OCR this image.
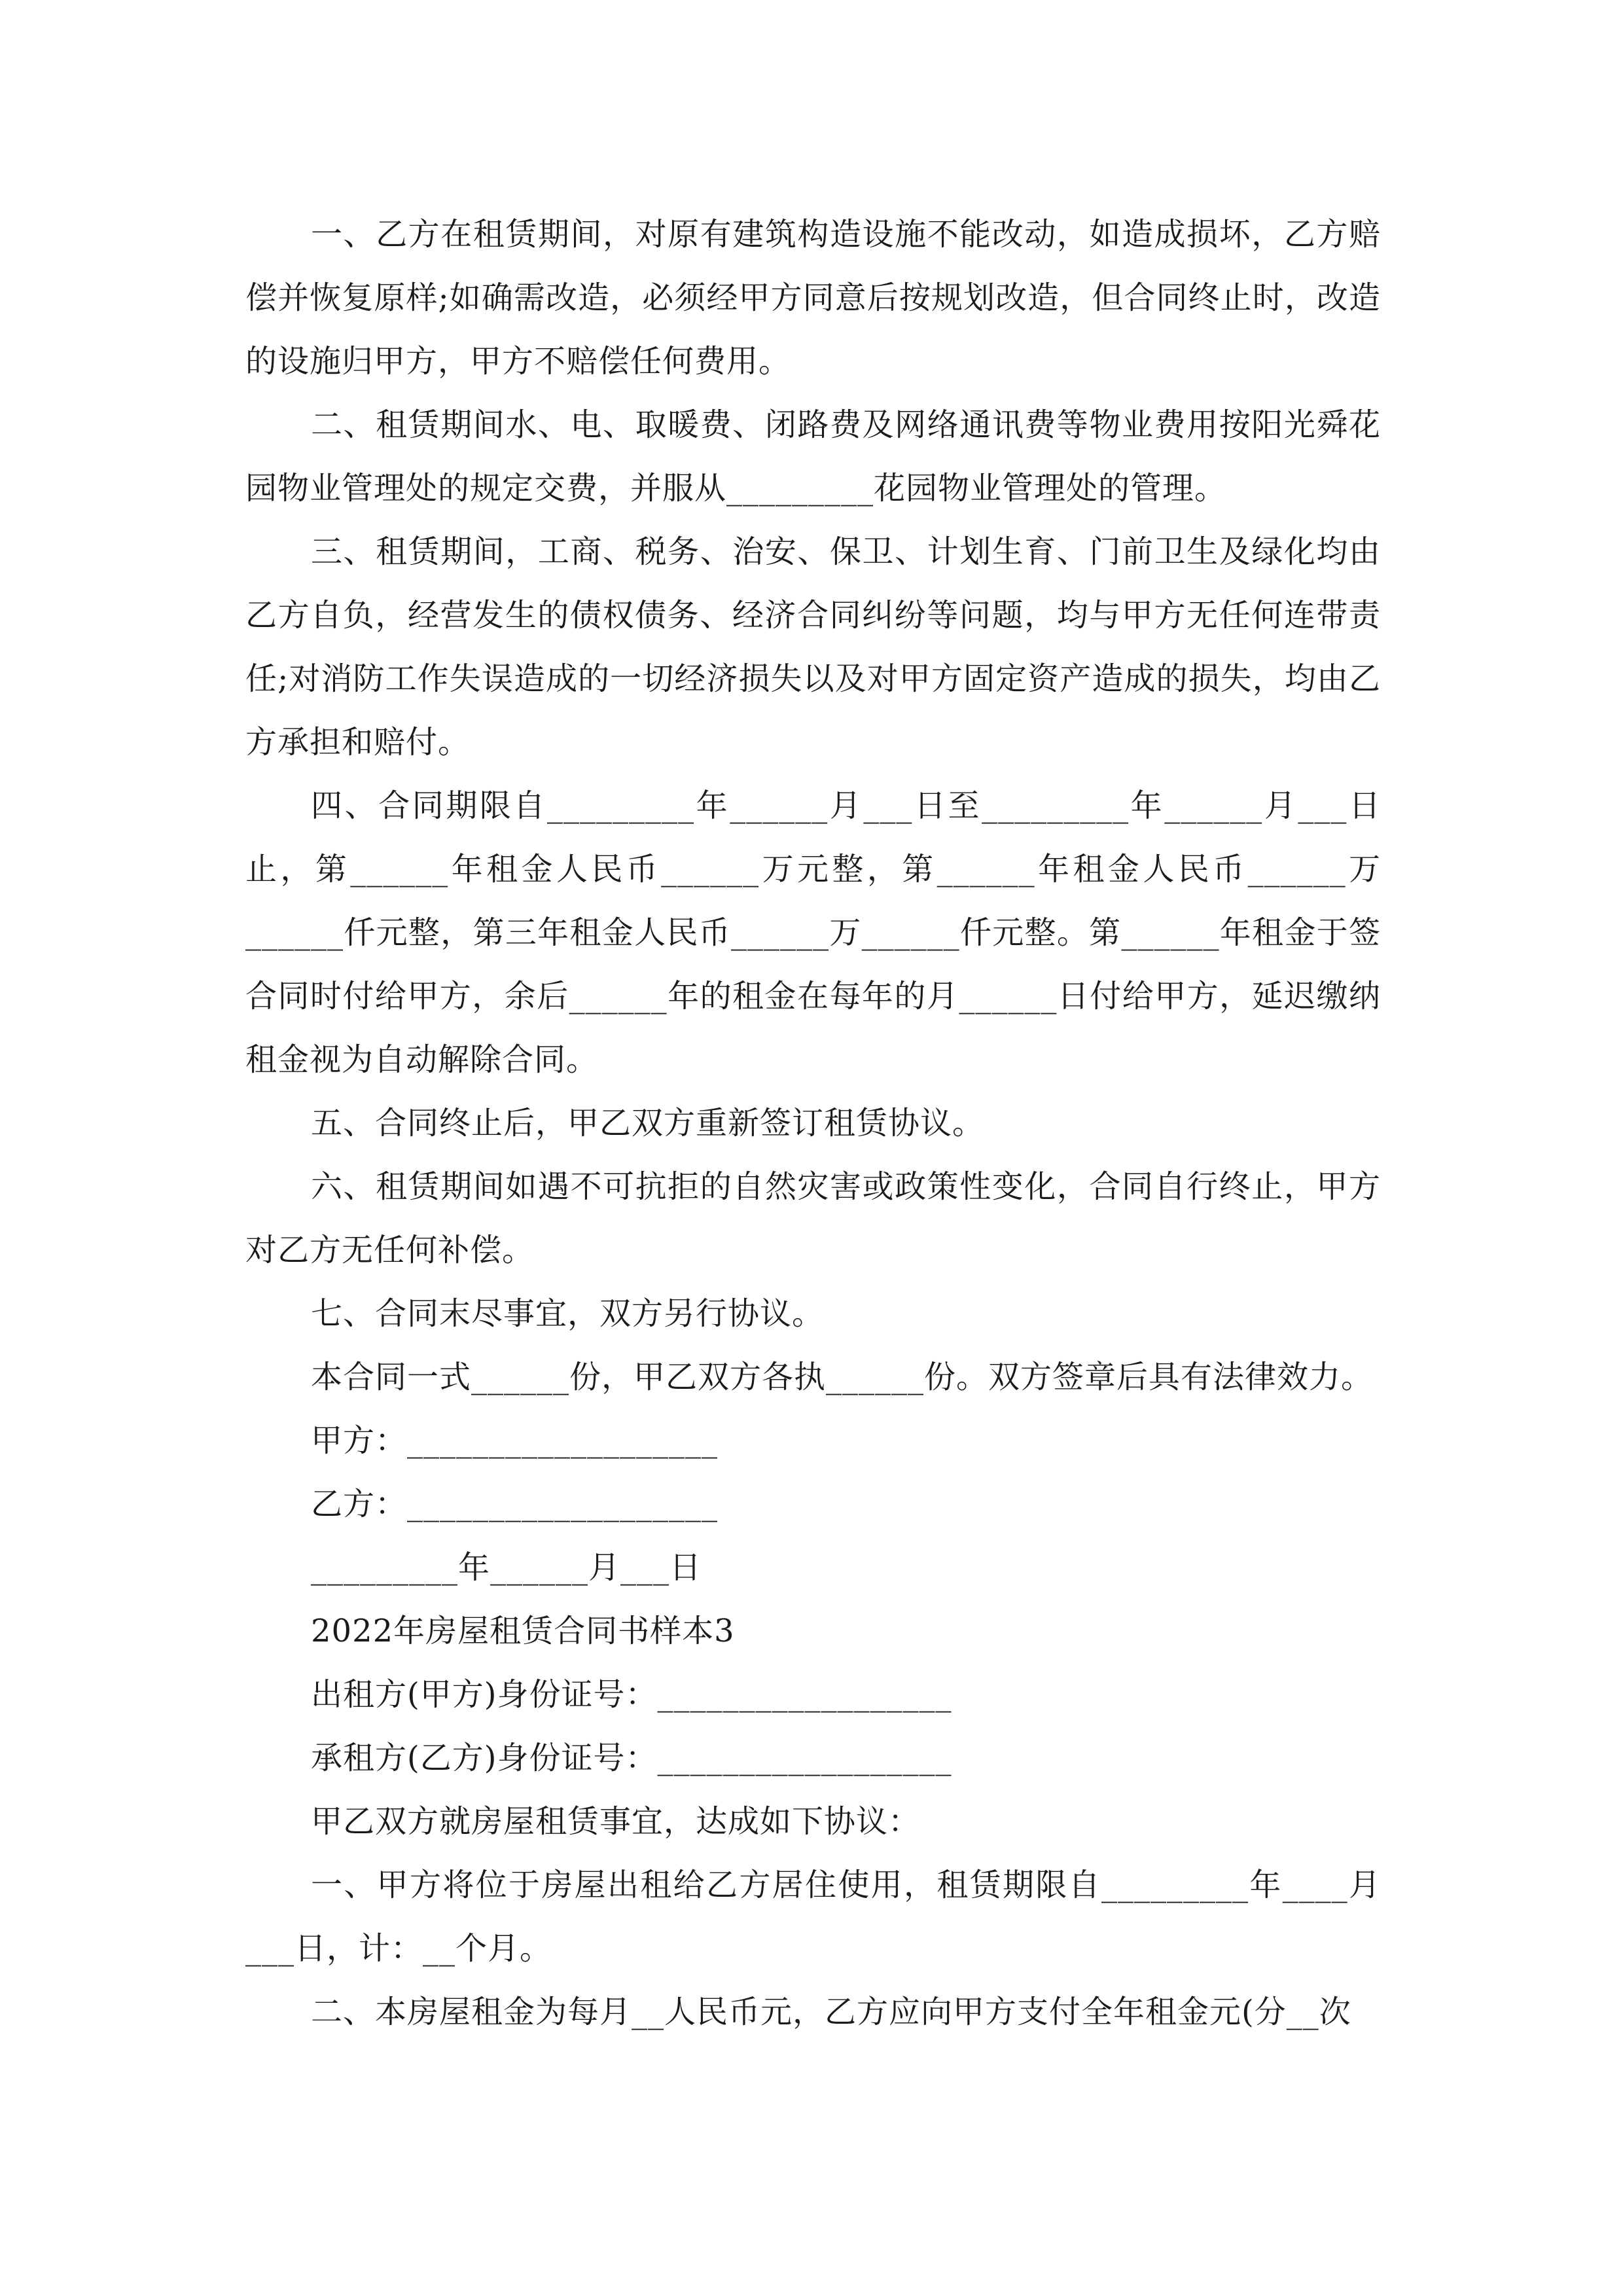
一、乙方在租赁期间，对原有建筑构造设施不能改动，如造成损坏，乙方赔偿并恢复原样;如确需改造，必须经甲方同意后按规划改造，但合同终止时，改造的设施归甲方，甲方不赔偿任何费用。

二、租赁期间水、电、取暖费、闭路费及网络通讯费等物业费用按阳光舜花园物业管理处的规定交费，并服从_________花园物业管理处的管理。

三、租赁期间，工商、税务、治安、保卫、计划生育、门前卫生及绿化均由乙方自负，经营发生的债权债务、经济合同纠纷等问题，均与甲方无任何连带责任;对消防工作失误造成的一切经济损失以及对甲方固定资产造成的损失，均由乙方承担和赔付。

四、合同期限自_________年______月___日至_________年______月___日止，第______年租金人民币______万元整，第______年租金人民币______万______仟元整，第三年租金人民币______万______仟元整。第______年租金于签合同时付给甲方，余后______年的租金在每年的月______日付给甲方，延迟缴纳租金视为自动解除合同。

五、合同终止后，甲乙双方重新签订租赁协议。

六、租赁期间如遇不可抗拒的自然灾害或政策性变化，合同自行终止，甲方对乙方无任何补偿。

七、合同末尽事宜，双方另行协议。

本合同一式______份，甲乙双方各执______份。双方签章后具有法律效力。

甲方：___________________

乙方：___________________

_________年______月___日

2022年房屋租赁合同书样本3

出租方(甲方)身份证号：__________________

承租方(乙方)身份证号：__________________

甲乙双方就房屋租赁事宜，达成如下协议：

一、甲方将位于房屋出租给乙方居住使用，租赁期限自_________年____月___日，计：__个月。

二、本房屋租金为每月__人民币元，乙方应向甲方支付全年租金元(分__次
